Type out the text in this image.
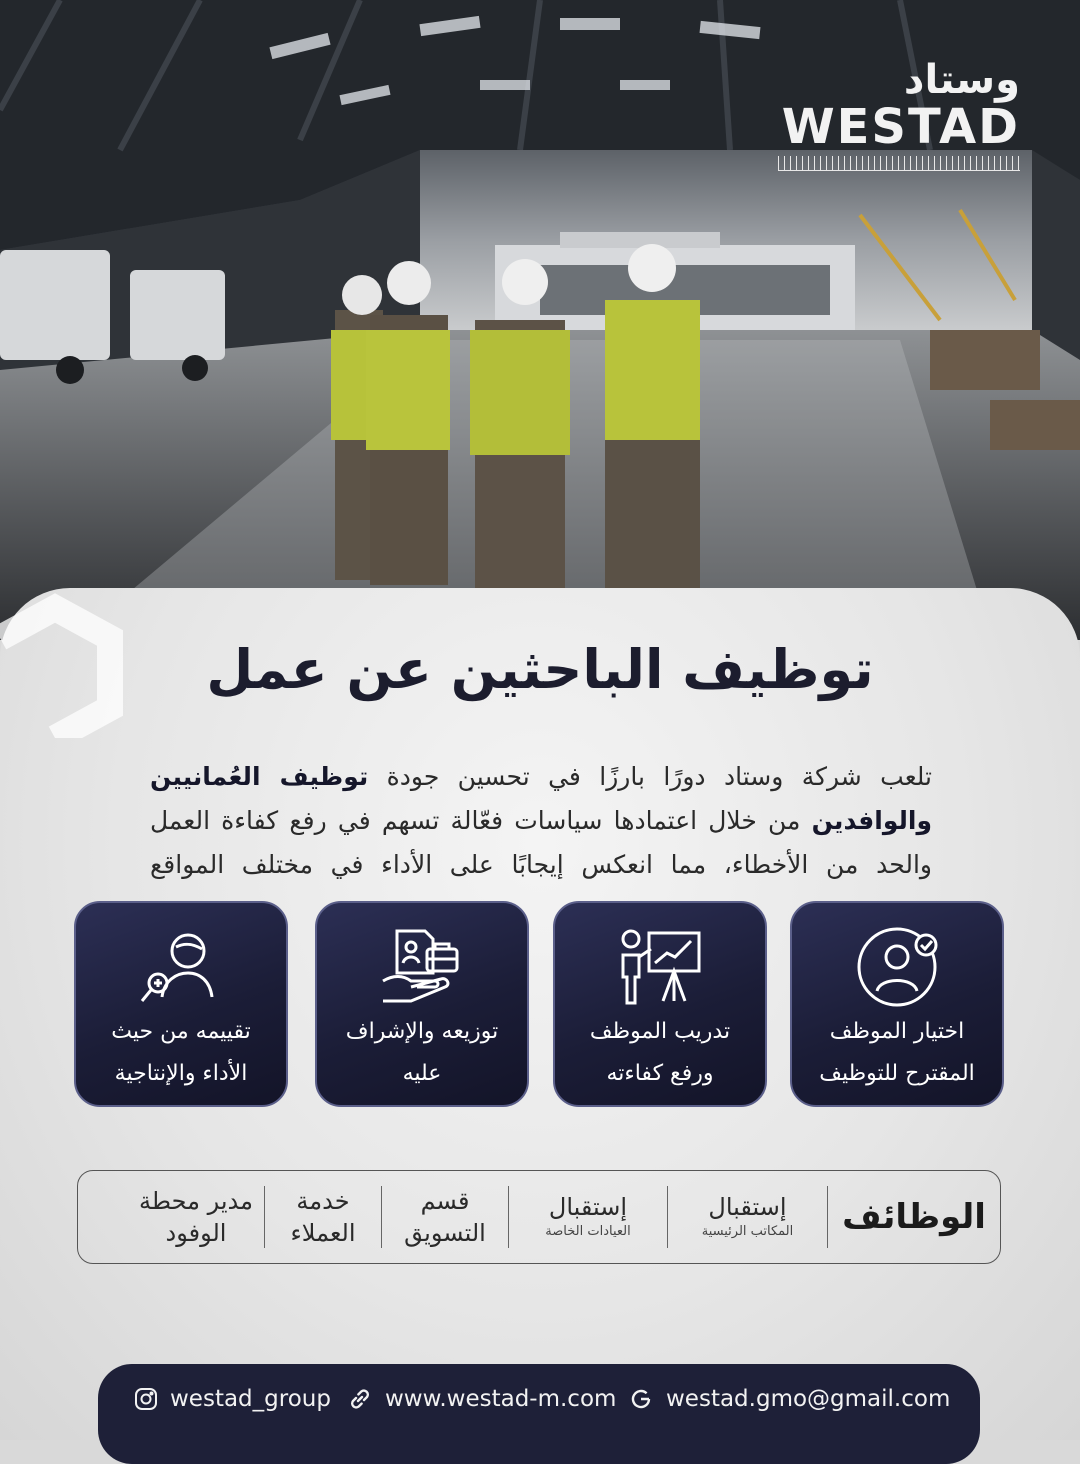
وستاد
WESTAD
توظيف الباحثين عن عمل

تلعب شركة وستاد دورًا بارزًا في تحسين جودة توظيف العُمانيين والوافدين من خلال اعتمادها سياسات فعّالة تسهم في رفع كفاءة العمل والحد من الأخطاء، مما انعكس إيجابًا على الأداء في مختلف المواقع

اختيار الموظف
المقترح للتوظيف
تدريب الموظف
ورفع كفاءته
توزيعه والإشراف
عليه
تقييمه من حيث
الأداء والإنتاجية
الوظائف
إستقبال
المكاتب الرئيسية
إستقبال
العيادات الخاصة
قسم
التسويق
خدمة
العملاء
مدير محطة
الوفود
westad_group www.westad-m.com westad.gmo@gmail.com
